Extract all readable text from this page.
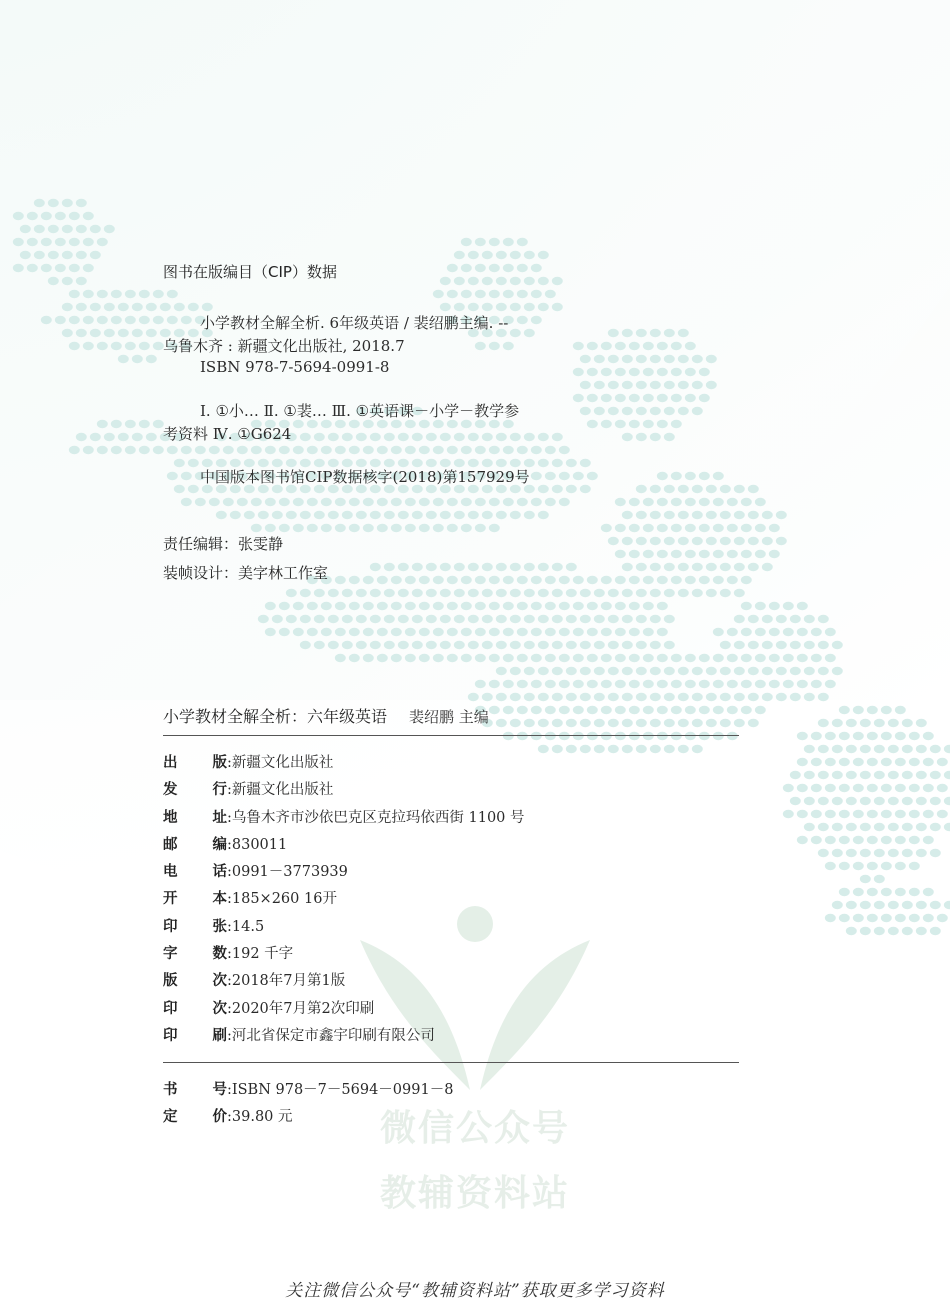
图书在版编目（CIP）数据
小学教材全解全析. 6年级英语 / 裴绍鹏主编. --
乌鲁木齐 : 新疆文化出版社, 2018.7
ISBN 978-7-5694-0991-8
Ⅰ. ①小… Ⅱ. ①裴… Ⅲ. ①英语课－小学－教学参
考资料 Ⅳ. ①G624
中国版本图书馆CIP数据核字(2018)第157929号
责任编辑：张雯静
装帧设计：美字林工作室
小学教材全解全析：六年级英语 裴绍鹏 主编
出 版 :新疆文化出版社
发 行 :新疆文化出版社
地 址 :乌鲁木齐市沙依巴克区克拉玛依西街 1100 号
邮 编 :830011
电 话 :0991－3773939
开 本 :185×260 16开
印 张 :14.5
字 数 :192 千字
版 次 :2018年7月第1版
印 次 :2020年7月第2次印刷
印 刷 :河北省保定市鑫宇印刷有限公司
书 号 :ISBN 978－7－5694－0991－8
定 价 :39.80 元	微信公众号
教辅资料站
关注微信公众号“教辅资料站”获取更多学习资料
